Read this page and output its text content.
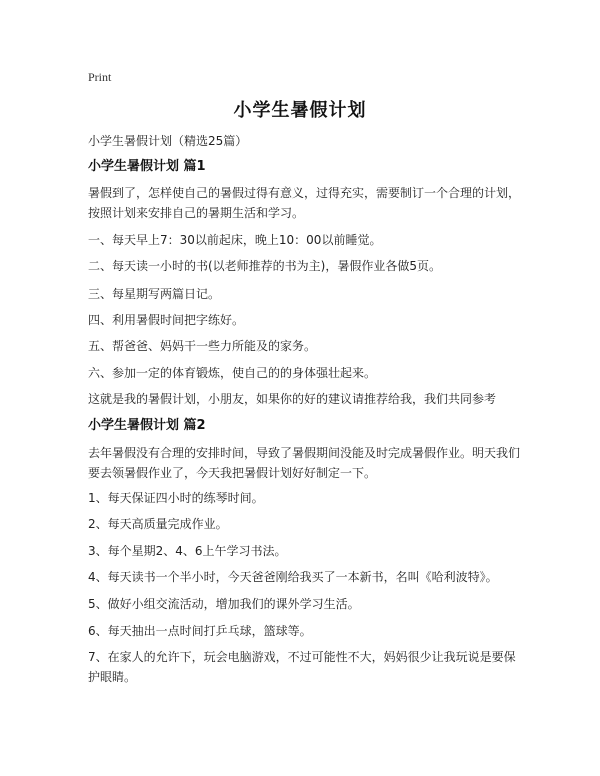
Print
小学生暑假计划
小学生暑假计划（精选25篇）
小学生暑假计划 篇1
暑假到了，怎样使自己的暑假过得有意义，过得充实，需要制订一个合理的计划，按照计划来安排自己的暑期生活和学习。
一、每天早上7：30以前起床，晚上10：00以前睡觉。
二、每天读一小时的书(以老师推荐的书为主)，暑假作业各做5页。
三、每星期写两篇日记。
四、利用暑假时间把字练好。
五、帮爸爸、妈妈干一些力所能及的家务。
六、参加一定的体育锻炼，使自己的的身体强壮起来。
这就是我的暑假计划，小朋友，如果你的好的建议请推荐给我，我们共同参考
小学生暑假计划 篇2
去年暑假没有合理的安排时间，导致了暑假期间没能及时完成暑假作业。明天我们要去领暑假作业了，今天我把暑假计划好好制定一下。
1、每天保证四小时的练琴时间。
2、每天高质量完成作业。
3、每个星期2、4、6上午学习书法。
4、每天读书一个半小时，今天爸爸刚给我买了一本新书，名叫《哈利波特》。
5、做好小组交流活动，增加我们的课外学习生活。
6、每天抽出一点时间打乒乓球，篮球等。
7、在家人的允许下，玩会电脑游戏，不过可能性不大，妈妈很少让我玩说是要保护眼睛。
